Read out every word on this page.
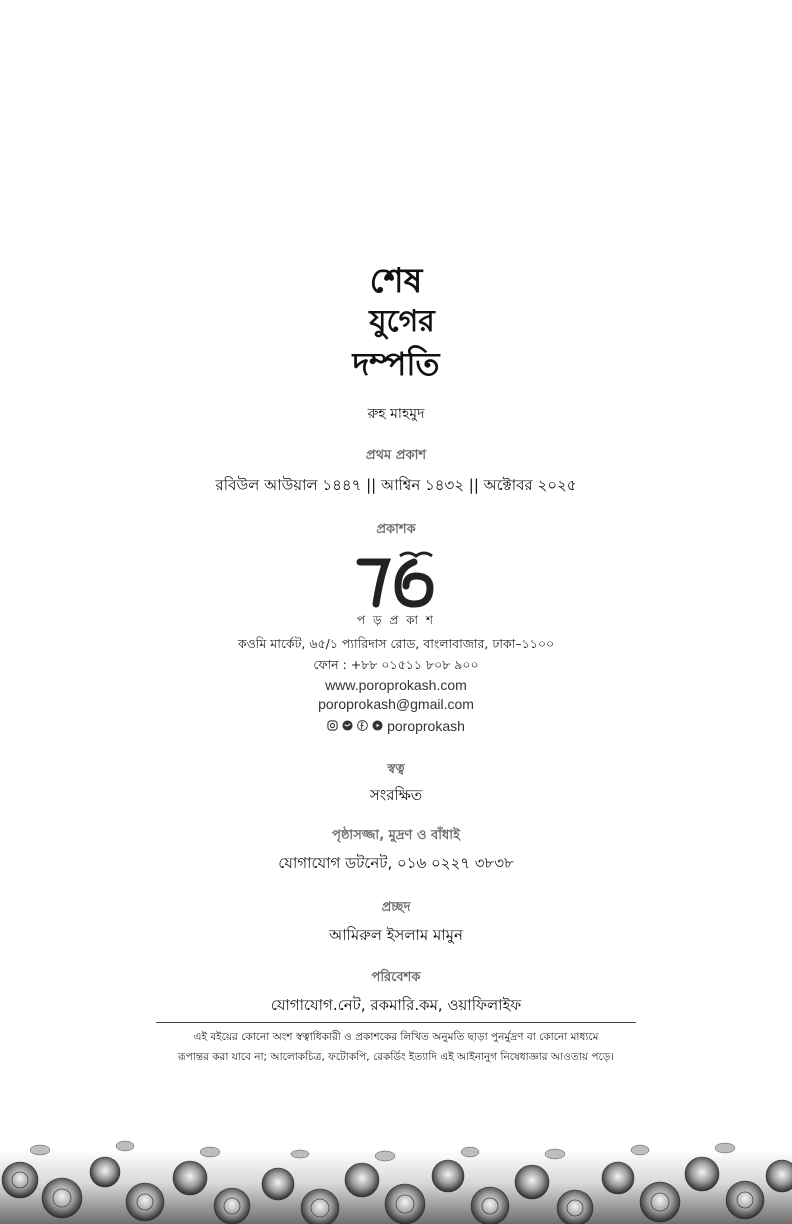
শেষ
যুগের
দম্পতি
রুহ মাহমুদ
প্রথম প্রকাশ
রবিউল আউয়াল ১৪৪৭ || আশ্বিন ১৪৩২ || অক্টোবর ২০২৫
প্রকাশক
প ড় প্র কা শ
কওমি মার্কেট, ৬৫/১ প্যারিদাস রোড, বাংলাবাজার, ঢাকা–১১০০
ফোন : +৮৮ ০১৫১১ ৮০৮ ৯০০
www.poroprokash.com
poroprokash@gmail.com
poroprokash
স্বত্ব
সংরক্ষিত
পৃষ্ঠাসজ্জা, মুদ্রণ ও বাঁধাই
যোগাযোগ ডটনেট, ০১৬ ০২২৭ ৩৮৩৮
প্রচ্ছদ
আমিরুল ইসলাম মামুন
পরিবেশক
যোগাযোগ.নেট, রকমারি.কম, ওয়াফিলাইফ
এই বইয়ের কোনো অংশ স্বত্বাধিকারী ও প্রকাশকের লিখিত অনুমতি ছাড়া পুনর্মুদ্রণ বা কোনো মাধ্যমে
রূপান্তর করা যাবে না; আলোকচিত্র, ফটোকপি, রেকর্ডিং ইত্যাদি এই আইনানুগ নিষেধাজ্ঞার আওতায় পড়ে।
